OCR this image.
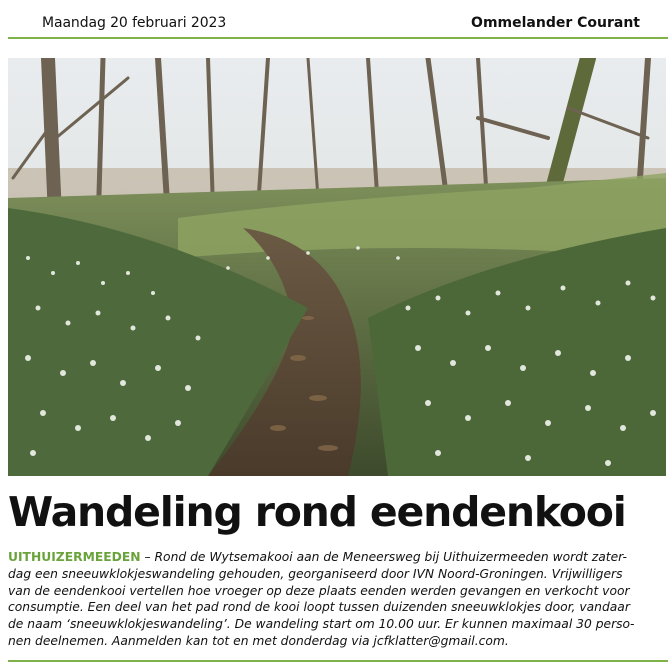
Maandag 20 februari 2023	Ommelander Courant
Wandeling rond eendenkooi
UITHUIZERMEEDEN – Rond de Wytsemakooi aan de Meneersweg bij Uithuizermeeden wordt zater-
dag een sneeuwklokjeswandeling gehouden, georganiseerd door IVN Noord-Groningen. Vrijwilligers
van de eendenkooi vertellen hoe vroeger op deze plaats eenden werden gevangen en verkocht voor
consumptie. Een deel van het pad rond de kooi loopt tussen duizenden sneeuwklokjes door, vandaar
de naam ‘sneeuwklokjeswandeling’. De wandeling start om 10.00 uur. Er kunnen maximaal 30 perso-
nen deelnemen. Aanmelden kan tot en met donderdag via jcfklatter@gmail.com.
